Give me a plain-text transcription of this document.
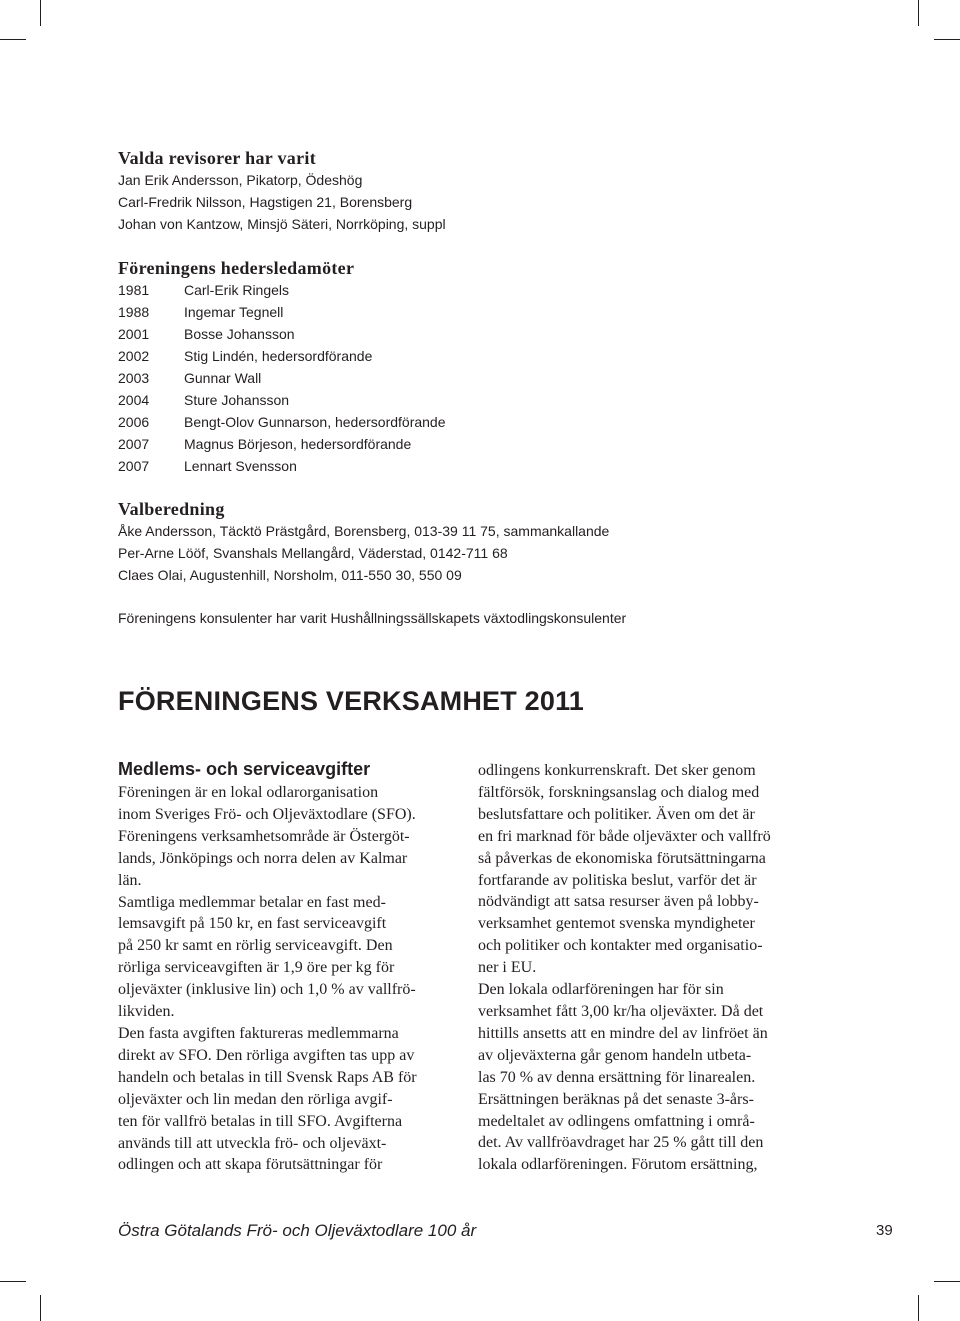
Valda revisorer har varit

Jan Erik Andersson, Pikatorp, Ödeshög

Carl-Fredrik Nilsson, Hagstigen 21, Borensberg

Johan von Kantzow, Minsjö Säteri, Norrköping, suppl

Föreningens hedersledamöter
1981 Carl-Erik Ringels
1988 Ingemar Tegnell
2001 Bosse Johansson
2002 Stig Lindén, hedersordförande
2003 Gunnar Wall
2004 Sture Johansson
2006 Bengt-Olov Gunnarson, hedersordförande
2007 Magnus Börjeson, hedersordförande
2007 Lennart Svensson
Valberedning

Åke Andersson, Täcktö Prästgård, Borensberg, 013-39 11 75, sammankallande

Per-Arne Lööf, Svanshals Mellangård, Väderstad, 0142-711 68

Claes Olai, Augustenhill, Norsholm, 011-550 30, 550 09

Föreningens konsulenter har varit Hushållningssällskapets växtodlingskonsulenter

FÖRENINGENS VERKSAMHET 2011
Medlems- och serviceavgifter
Föreningen är en lokal odlarorganisation
inom Sveriges Frö- och Oljeväxtodlare (SFO).
Föreningens verksamhetsområde är Östergöt-
lands, Jönköpings och norra delen av Kalmar
län.
Samtliga medlemmar betalar en fast med-
lemsavgift på 150 kr, en fast serviceavgift
på 250 kr samt en rörlig serviceavgift. Den
rörliga serviceavgiften är 1,9 öre per kg för
oljeväxter (inklusive lin) och 1,0 % av vallfrö-
likviden.
Den fasta avgiften faktureras medlemmarna
direkt av SFO. Den rörliga avgiften tas upp av
handeln och betalas in till Svensk Raps AB för
oljeväxter och lin medan den rörliga avgif-
ten för vallfrö betalas in till SFO. Avgifterna
används till att utveckla frö- och oljeväxt-
odlingen och att skapa förutsättningar för
odlingens konkurrenskraft. Det sker genom
fältförsök, forskningsanslag och dialog med
beslutsfattare och politiker. Även om det är
en fri marknad för både oljeväxter och vallfrö
så påverkas de ekonomiska förutsättningarna
fortfarande av politiska beslut, varför det är
nödvändigt att satsa resurser även på lobby-
verksamhet gentemot svenska myndigheter
och politiker och kontakter med organisatio-
ner i EU.
Den lokala odlarföreningen har för sin
verksamhet fått 3,00 kr/ha oljeväxter. Då det
hittills ansetts att en mindre del av linfröet än
av oljeväxterna går genom handeln utbeta-
las 70 % av denna ersättning för linarealen.
Ersättningen beräknas på det senaste 3-års-
medeltalet av odlingens omfattning i områ-
det. Av vallfröavdraget har 25 % gått till den
lokala odlarföreningen. Förutom ersättning,
Östra Götalands Frö- och Oljeväxtodlare 100 år	39
